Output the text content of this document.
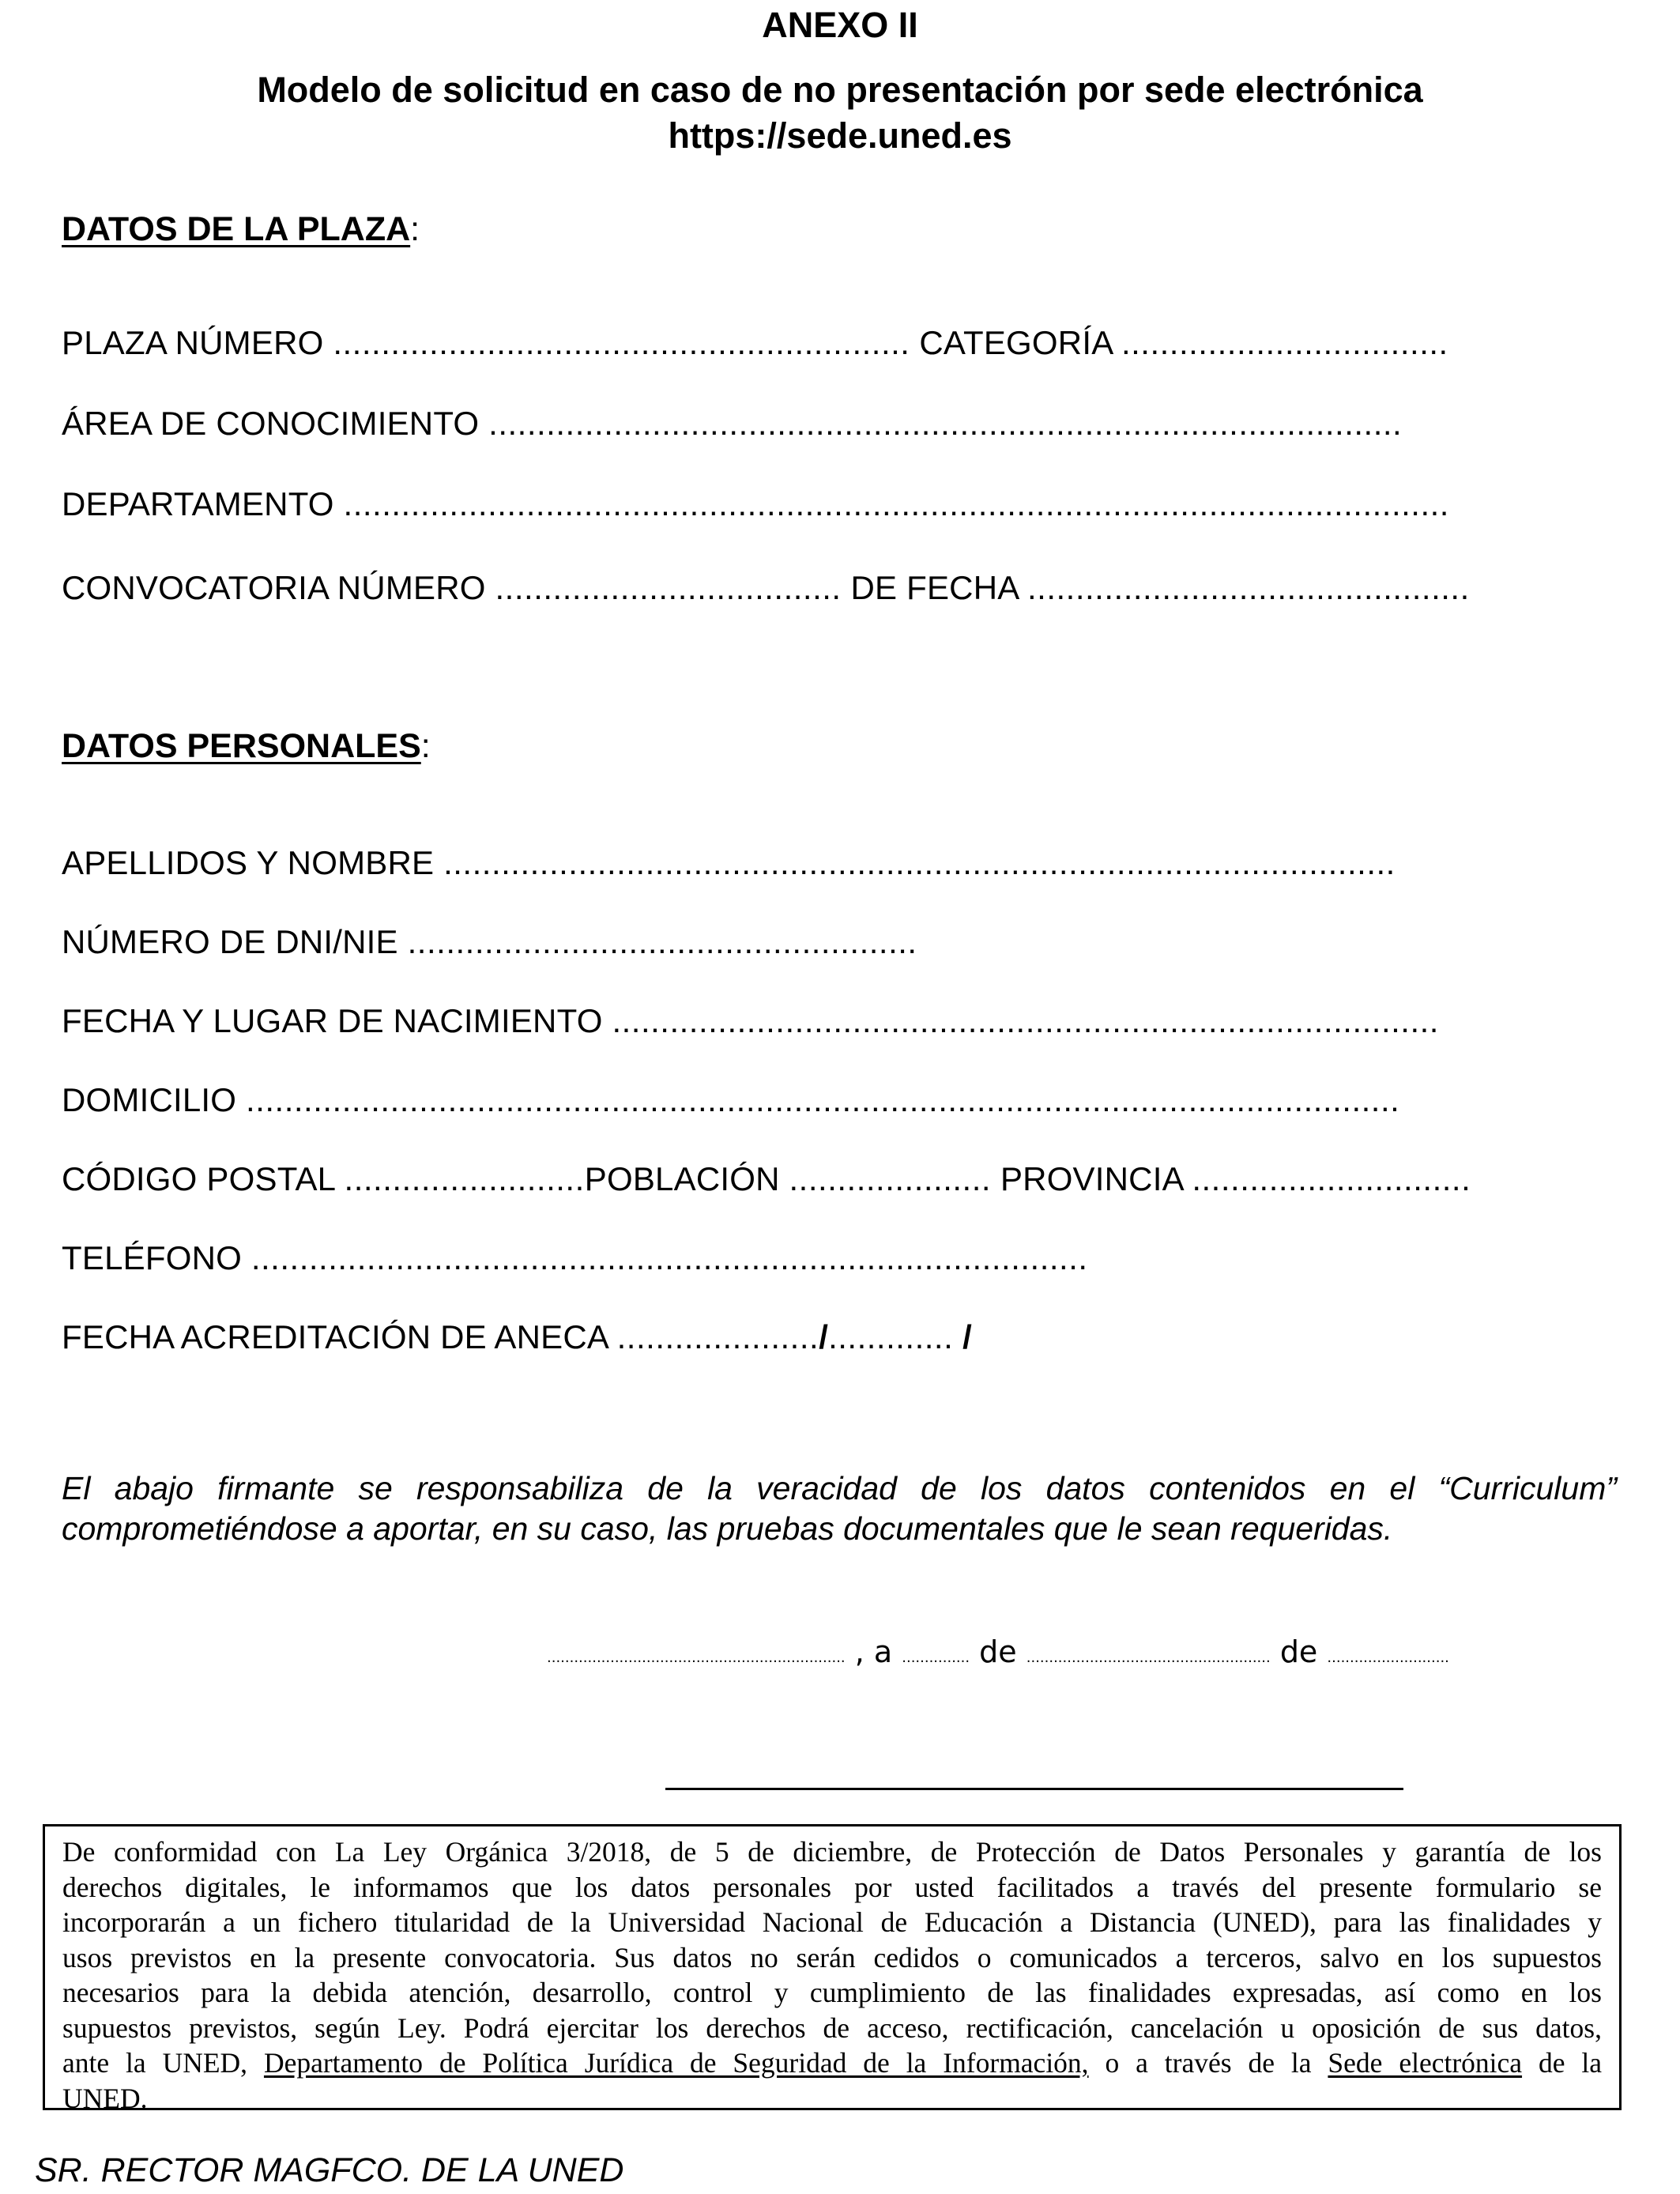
ANEXO II
Modelo de solicitud en caso de no presentación por sede electrónica
https://sede.uned.es
DATOS DE LA PLAZA:
PLAZA NÚMERO ............................................................ CATEGORÍA ..................................
ÁREA DE CONOCIMIENTO ...............................................................................................
DEPARTAMENTO ...................................................................................................................
CONVOCATORIA NÚMERO .................................... DE FECHA ..............................................
DATOS PERSONALES:
APELLIDOS Y NOMBRE ...................................................................................................
NÚMERO DE DNI/NIE .....................................................
FECHA Y LUGAR DE NACIMIENTO ......................................................................................
DOMICILIO ........................................................................................................................
CÓDIGO POSTAL .........................POBLACIÓN ..................... PROVINCIA .............................
TELÉFONO .......................................................................................
FECHA ACREDITACIÓN DE ANECA ...................../............. /
El abajo firmante se responsabiliza de la veracidad de los datos contenidos en el “Curriculum”
comprometiéndose a aportar, en su caso, las pruebas documentales que le sean requeridas.
.................................................................. , a ............... de ...................................................... de ...........................
De conformidad con La Ley Orgánica 3/2018, de 5 de diciembre, de Protección de Datos Personales y garantía de los
derechos digitales, le informamos que los datos personales por usted facilitados a través del presente formulario se
incorporarán a un fichero titularidad de la Universidad Nacional de Educación a Distancia (UNED), para las finalidades y
usos previstos en la presente convocatoria. Sus datos no serán cedidos o comunicados a terceros, salvo en los supuestos
necesarios para la debida atención, desarrollo, control y cumplimiento de las finalidades expresadas, así como en los
supuestos previstos, según Ley. Podrá ejercitar los derechos de acceso, rectificación, cancelación u oposición de sus datos,
ante la UNED, Departamento de Política Jurídica de Seguridad de la Información, o a través de la Sede electrónica de la
UNED.
SR. RECTOR MAGFCO. DE LA UNED
